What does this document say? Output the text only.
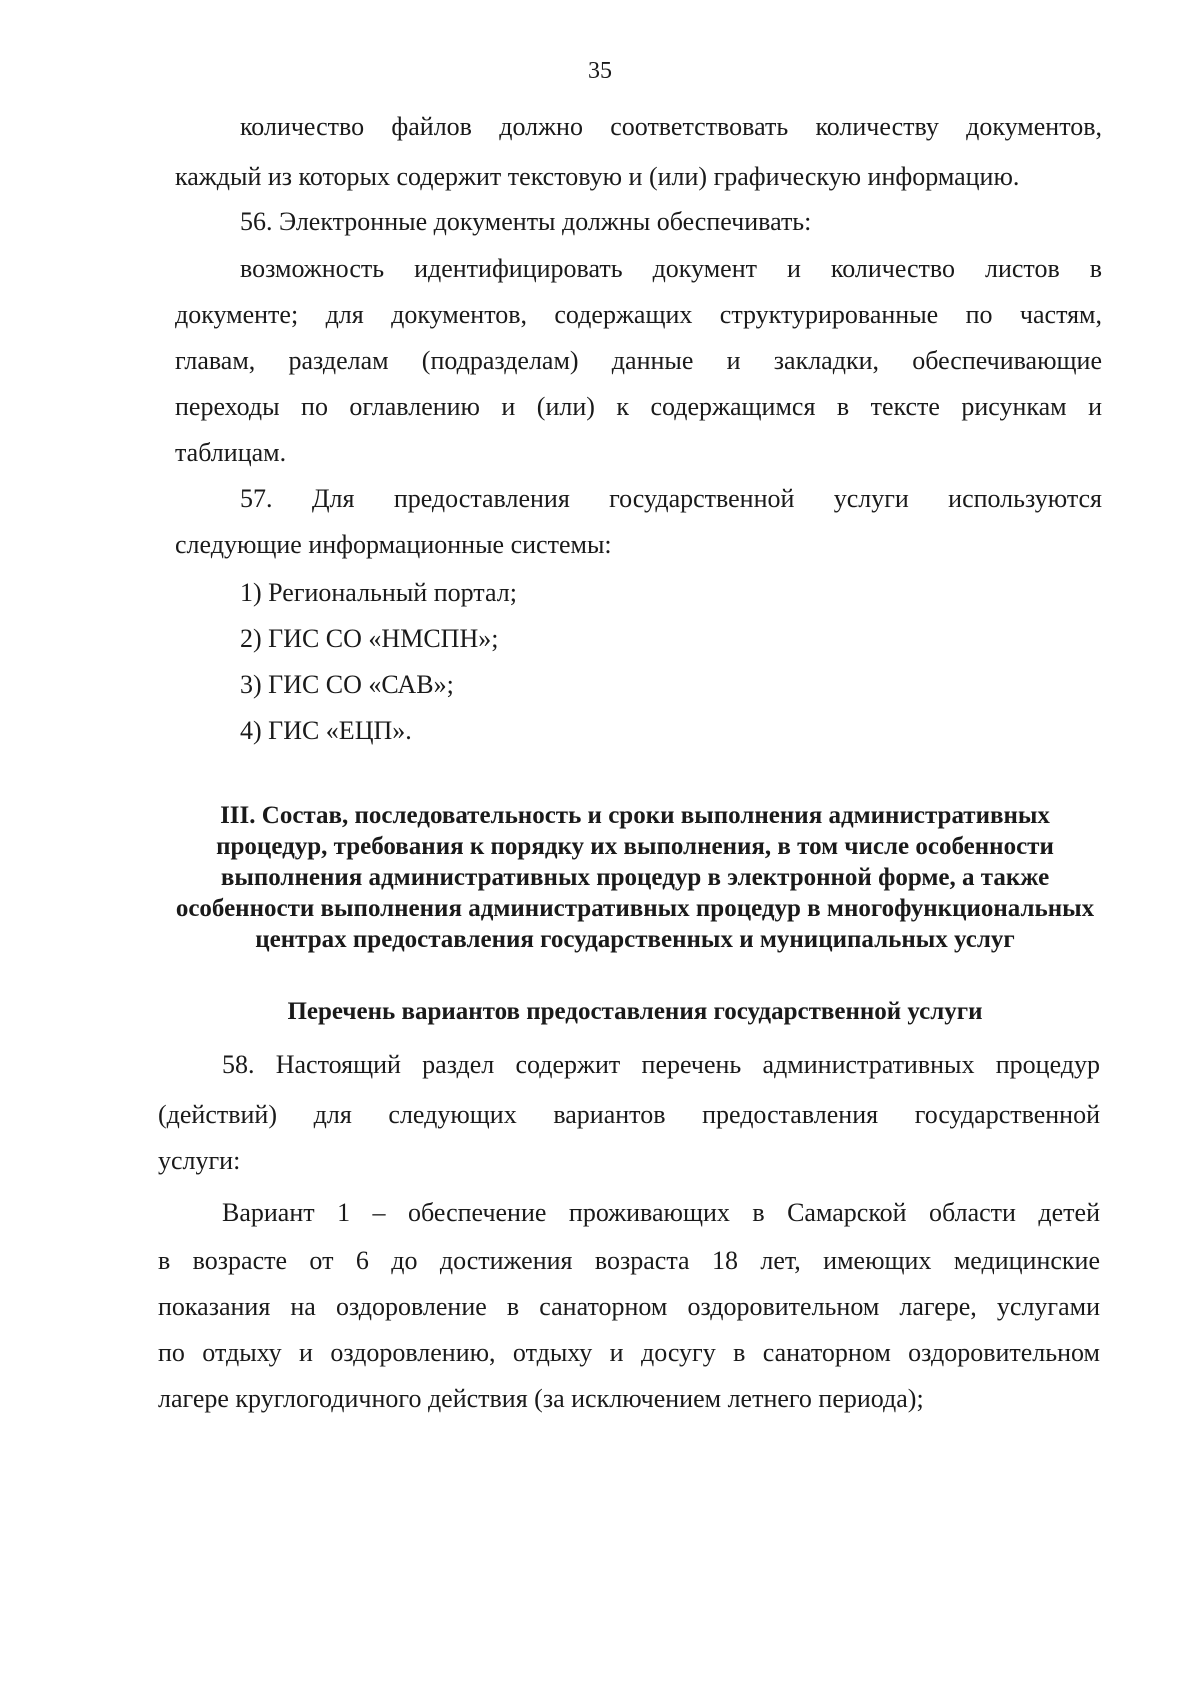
35
количество файлов должно соответствовать количеству документов,
каждый из которых содержит текстовую и (или) графическую информацию.
56. Электронные документы должны обеспечивать:
возможность идентифицировать документ и количество листов в
документе; для документов, содержащих структурированные по частям,
главам, разделам (подразделам) данные и закладки, обеспечивающие
переходы по оглавлению и (или) к содержащимся в тексте рисункам и
таблицам.
57. Для предоставления государственной услуги используются
следующие информационные системы:
1) Региональный портал;
2) ГИС СО «НМСПН»;
3) ГИС СО «САВ»;
4) ГИС «ЕЦП».
III. Состав, последовательность и сроки выполнения административных процедур, требования к порядку их выполнения, в том числе особенности выполнения административных процедур в электронной форме, а также особенности выполнения административных процедур в многофункциональных центрах предоставления государственных и муниципальных услуг
Перечень вариантов предоставления государственной услуги
58. Настоящий раздел содержит перечень административных процедур
(действий) для следующих вариантов предоставления государственной
услуги:
Вариант 1 – обеспечение проживающих в Самарской области детей
в возрасте от 6 до достижения возраста 18 лет, имеющих медицинские
показания на оздоровление в санаторном оздоровительном лагере, услугами
по отдыху и оздоровлению, отдыху и досугу в санаторном оздоровительном
лагере круглогодичного действия (за исключением летнего периода);
